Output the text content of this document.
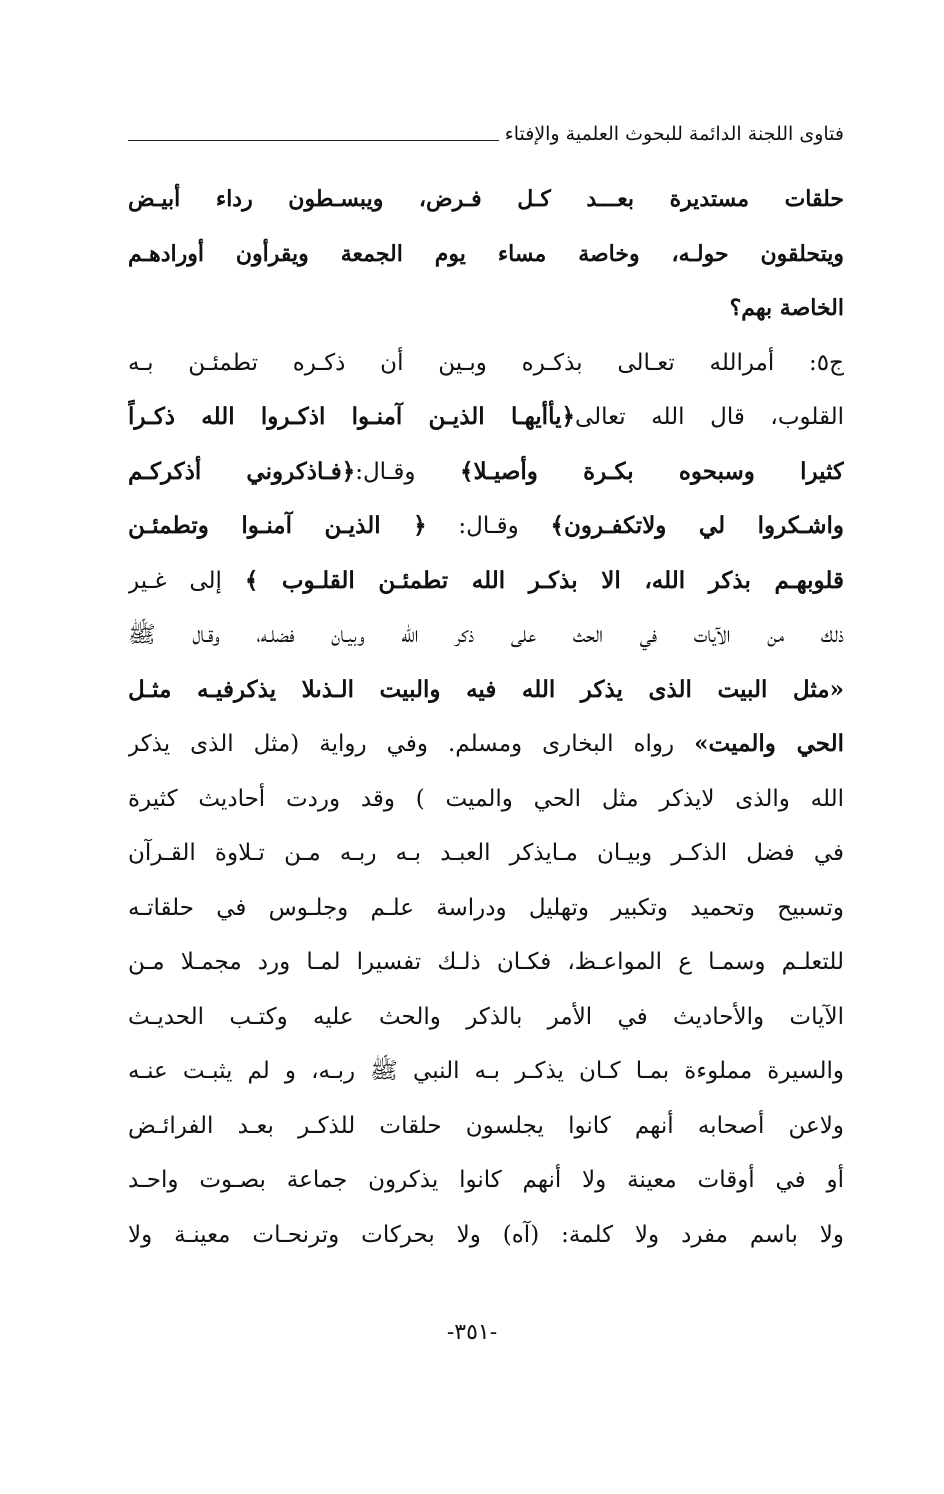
فتاوى اللجنة الدائمة للبحوث العلمية والإفتاء
حلقات مستديرة بعـــد كـل فـرض، ويبسـطون رداء أبيـض
ويتحلقون حولـه، وخاصة مساء يوم الجمعة ويقرأون أورادهـم
الخاصة بهم؟
ج٥: أمرالله تعـالى بذكـره وبـين أن ذكـره تطمئـن بـه
القلوب، قال الله تعالى﴿يأأيهـا الذيـن آمنـوا اذكـروا الله ذكـراً
كثيرا وسبحوه بكـرة وأصيـلا﴾ وقـال:﴿فـاذكروني أذكركـم
واشـكروا لي ولاتكفـرون﴾ وقـال: ﴿ الذيـن آمنـوا وتطمئـن
قلوبهـم بذكر الله، الا بذكـر الله تطمئـن القلـوب ﴾ إلى غـير
ذلك من الآيات في الحث على ذكر الله وبيـان فضلـه، وقـال ﷺ
«مثل البيت الذى يذكر الله فيه والبيت الـذىلا يذكرفيـه مثـل
الحي والميت» رواه البخارى ومسلم. وفي رواية (مثل الذى يذكر
الله والذى لايذكر مثل الحي والميت ) وقد وردت أحاديث كثيرة
في فضل الذكـر وبيـان مـايذكر العبـد بـه ربـه مـن تـلاوة القـرآن
وتسبيح وتحميد وتكبير وتهليل ودراسة علـم وجلـوس في حلقاتـه
للتعلـم وسمـا ع المواعـظ، فكـان ذلـك تفسيرا لمـا ورد مجمـلا مـن
الآيات والأحاديث في الأمر بالذكر والحث عليه وكتـب الحديـث
والسيرة مملوءة بمـا كـان يذكـر بـه النبي ﷺ ربـه، و لم يثبـت عنـه
ولاعن أصحابه أنهم كانوا يجلسون حلقات للذكـر بعـد الفرائـض
أو في أوقات معينة ولا أنهم كانوا يذكرون جماعة بصـوت واحـد
ولا باسم مفرد ولا كلمة: (آه) ولا بحركات وترنحـات معينـة ولا
-٣٥١-
